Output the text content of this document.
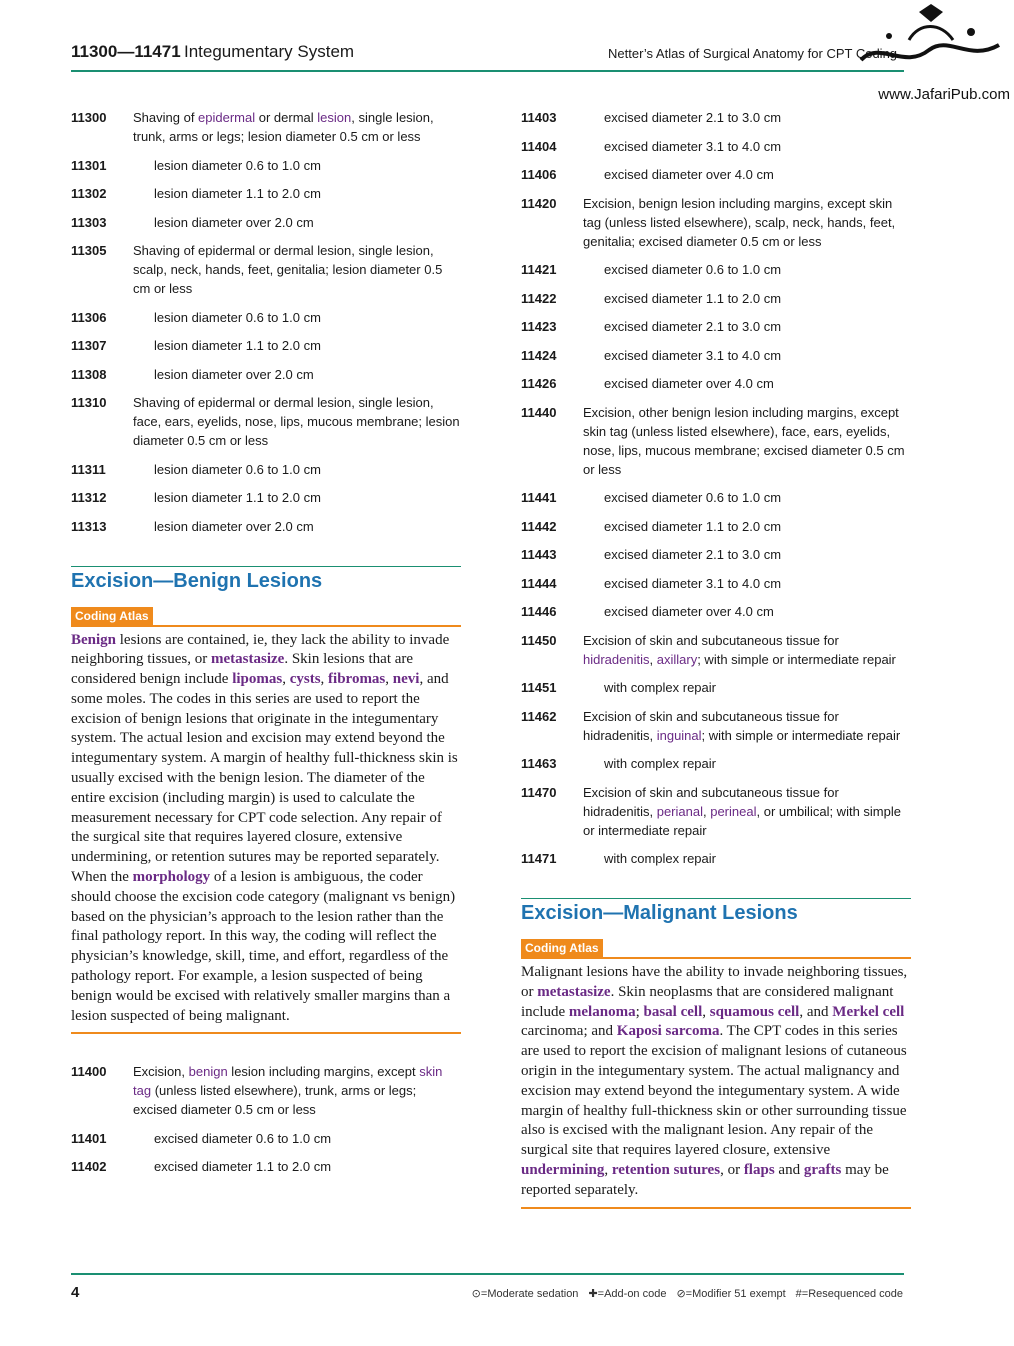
11300—11471 Integumentary System	Netter’s Atlas of Surgical Anatomy for CPT Coding
www.JafariPub.com
11300	Shaving of epidermal or dermal lesion, single lesion, trunk, arms or legs; lesion diameter 0.5 cm or less
11301	lesion diameter 0.6 to 1.0 cm
11302	lesion diameter 1.1 to 2.0 cm
11303	lesion diameter over 2.0 cm
11305	Shaving of epidermal or dermal lesion, single lesion, scalp, neck, hands, feet, genitalia; lesion diameter 0.5 cm or less
11306	lesion diameter 0.6 to 1.0 cm
11307	lesion diameter 1.1 to 2.0 cm
11308	lesion diameter over 2.0 cm
11310	Shaving of epidermal or dermal lesion, single lesion, face, ears, eyelids, nose, lips, mucous membrane; lesion diameter 0.5 cm or less
11311	lesion diameter 0.6 to 1.0 cm
11312	lesion diameter 1.1 to 2.0 cm
11313	lesion diameter over 2.0 cm
Excision—Benign Lesions
Coding Atlas
Benign lesions are contained, ie, they lack the ability to invade neighboring tissues, or metastasize. Skin lesions that are considered benign include lipomas, cysts, fibromas, nevi, and some moles. The codes in this series are used to report the excision of benign lesions that originate in the integumentary system. The actual lesion and excision may extend beyond the integumentary system. A margin of healthy full-thickness skin is usually excised with the benign lesion. The diameter of the entire excision (including margin) is used to calculate the measurement necessary for CPT code selection. Any repair of the surgical site that requires layered closure, extensive undermining, or retention sutures may be reported separately. When the morphology of a lesion is ambiguous, the coder should choose the excision code category (malignant vs benign) based on the physician’s approach to the lesion rather than the final pathology report. In this way, the coding will reflect the physician’s knowledge, skill, time, and effort, regardless of the pathology report. For example, a lesion suspected of being benign would be excised with relatively smaller margins than a lesion suspected of being malignant.
11400	Excision, benign lesion including margins, except skin tag (unless listed elsewhere), trunk, arms or legs; excised diameter 0.5 cm or less
11401	excised diameter 0.6 to 1.0 cm
11402	excised diameter 1.1 to 2.0 cm
11403	excised diameter 2.1 to 3.0 cm
11404	excised diameter 3.1 to 4.0 cm
11406	excised diameter over 4.0 cm
11420	Excision, benign lesion including margins, except skin tag (unless listed elsewhere), scalp, neck, hands, feet, genitalia; excised diameter 0.5 cm or less
11421	excised diameter 0.6 to 1.0 cm
11422	excised diameter 1.1 to 2.0 cm
11423	excised diameter 2.1 to 3.0 cm
11424	excised diameter 3.1 to 4.0 cm
11426	excised diameter over 4.0 cm
11440	Excision, other benign lesion including margins, except skin tag (unless listed elsewhere), face, ears, eyelids, nose, lips, mucous membrane; excised diameter 0.5 cm or less
11441	excised diameter 0.6 to 1.0 cm
11442	excised diameter 1.1 to 2.0 cm
11443	excised diameter 2.1 to 3.0 cm
11444	excised diameter 3.1 to 4.0 cm
11446	excised diameter over 4.0 cm
11450	Excision of skin and subcutaneous tissue for hidradenitis, axillary; with simple or intermediate repair
11451	with complex repair
11462	Excision of skin and subcutaneous tissue for hidradenitis, inguinal; with simple or intermediate repair
11463	with complex repair
11470	Excision of skin and subcutaneous tissue for hidradenitis, perianal, perineal, or umbilical; with simple or intermediate repair
11471	with complex repair
Excision—Malignant Lesions
Coding Atlas
Malignant lesions have the ability to invade neighboring tissues, or metastasize. Skin neoplasms that are considered malignant include melanoma; basal cell, squamous cell, and Merkel cell carcinoma; and Kaposi sarcoma. The CPT codes in this series are used to report the excision of malignant lesions of cutaneous origin in the integumentary system. The actual malignancy and excision may extend beyond the integumentary system. A wide margin of healthy full-thickness skin or other surrounding tissue also is excised with the malignant lesion. Any repair of the surgical site that requires layered closure, extensive undermining, retention sutures, or flaps and grafts may be reported separately.
4	⊙=Moderate sedation ✚=Add-on code ⊘=Modifier 51 exempt #=Resequenced code
